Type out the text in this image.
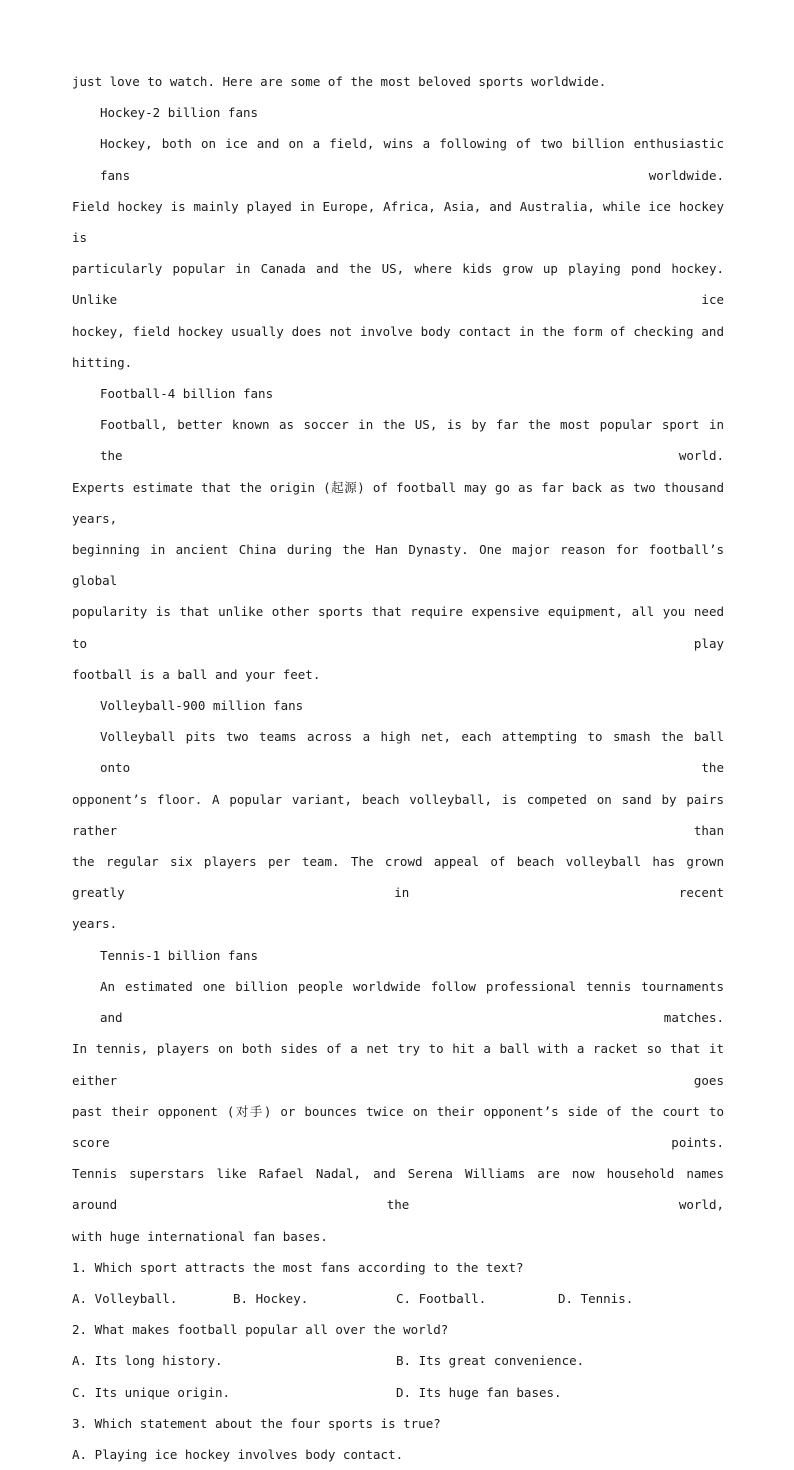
just love to watch. Here are some of the most beloved sports worldwide.
Hockey-2 billion fans
Hockey, both on ice and on a field, wins a following of two billion enthusiastic fans worldwide.
Field hockey is mainly played in Europe, Africa, Asia, and Australia, while ice hockey is
particularly popular in Canada and the US, where kids grow up playing pond hockey. Unlike ice
hockey, field hockey usually does not involve body contact in the form of checking and hitting.
Football-4 billion fans
Football, better known as soccer in the US, is by far the most popular sport in the world.
Experts estimate that the origin (起源) of football may go as far back as two thousand years,
beginning in ancient China during the Han Dynasty. One major reason for football’s global
popularity is that unlike other sports that require expensive equipment, all you need to play
football is a ball and your feet.
Volleyball-900 million fans
Volleyball pits two teams across a high net, each attempting to smash the ball onto the
opponent’s floor. A popular variant, beach volleyball, is competed on sand by pairs rather than
the regular six players per team. The crowd appeal of beach volleyball has grown greatly in recent
years.
Tennis-1 billion fans
An estimated one billion people worldwide follow professional tennis tournaments and matches.
In tennis, players on both sides of a net try to hit a ball with a racket so that it either goes
past their opponent (对手) or bounces twice on their opponent’s side of the court to score points.
Tennis superstars like Rafael Nadal, and Serena Williams are now household names around the world,
with huge international fan bases.
1. Which sport attracts the most fans according to the text?
A. Volleyball.	B. Hockey.	C. Football.	D. Tennis.
2. What makes football popular all over the world?
A. Its long history.	B. Its great convenience.
C. Its unique origin.	D. Its huge fan bases.
3. Which statement about the four sports is true?
A. Playing ice hockey involves body contact.
